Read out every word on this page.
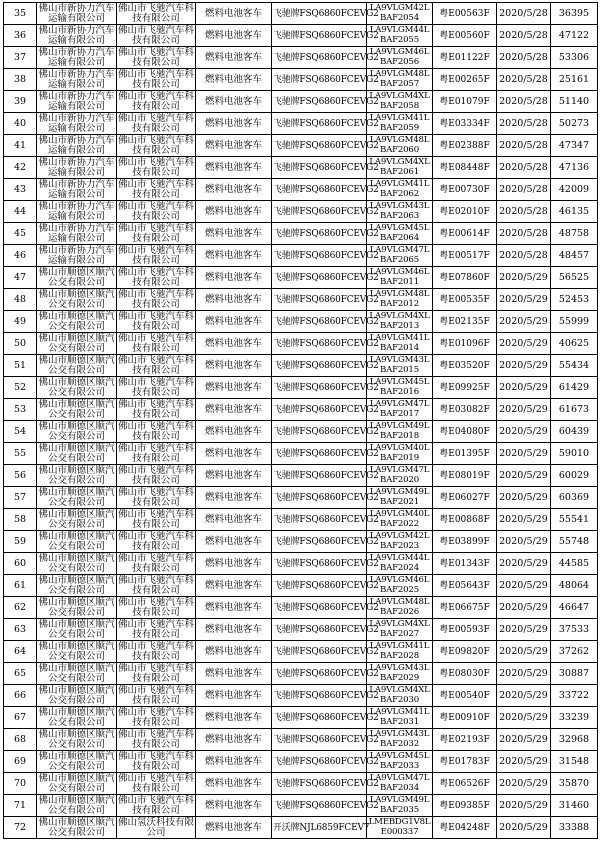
35	佛山市新协力汽车运输有限公司	佛山市飞驰汽车科技有限公司	燃料电池客车	飞驰牌FSQ6860FCEVG2	LA9VLGM42LBAF2054	粤E00563F	2020/5/28	36395
36	佛山市新协力汽车运输有限公司	佛山市飞驰汽车科技有限公司	燃料电池客车	飞驰牌FSQ6860FCEVG2	LA9VLGM44LBAF2055	粤E00560F	2020/5/28	47122
37	佛山市新协力汽车运输有限公司	佛山市飞驰汽车科技有限公司	燃料电池客车	飞驰牌FSQ6860FCEVG2	LA9VLGM46LBAF2056	粤E01122F	2020/5/28	53306
38	佛山市新协力汽车运输有限公司	佛山市飞驰汽车科技有限公司	燃料电池客车	飞驰牌FSQ6860FCEVG2	LA9VLGM48LBAF2057	粤E00265F	2020/5/28	25161
39	佛山市新协力汽车运输有限公司	佛山市飞驰汽车科技有限公司	燃料电池客车	飞驰牌FSQ6860FCEVG2	LA9VLGM4XLBAF2058	粤E01079F	2020/5/28	51140
40	佛山市新协力汽车运输有限公司	佛山市飞驰汽车科技有限公司	燃料电池客车	飞驰牌FSQ6860FCEVG2	LA9VLGM41LBAF2059	粤E03334F	2020/5/28	50273
41	佛山市新协力汽车运输有限公司	佛山市飞驰汽车科技有限公司	燃料电池客车	飞驰牌FSQ6860FCEVG2	LA9VLGM48LBAF2060	粤E02388F	2020/5/28	47347
42	佛山市新协力汽车运输有限公司	佛山市飞驰汽车科技有限公司	燃料电池客车	飞驰牌FSQ6860FCEVG2	LA9VLGM4XLBAF2061	粤E08448F	2020/5/28	47136
43	佛山市新协力汽车运输有限公司	佛山市飞驰汽车科技有限公司	燃料电池客车	飞驰牌FSQ6860FCEVG2	LA9VLGM41LBAF2062	粤E00730F	2020/5/28	42009
44	佛山市新协力汽车运输有限公司	佛山市飞驰汽车科技有限公司	燃料电池客车	飞驰牌FSQ6860FCEVG2	LA9VLGM43LBAF2063	粤E02010F	2020/5/28	46135
45	佛山市新协力汽车运输有限公司	佛山市飞驰汽车科技有限公司	燃料电池客车	飞驰牌FSQ6860FCEVG2	LA9VLGM45LBAF2064	粤E00614F	2020/5/28	48758
46	佛山市新协力汽车运输有限公司	佛山市飞驰汽车科技有限公司	燃料电池客车	飞驰牌FSQ6860FCEVG2	LA9VLGM47LBAF2065	粤E00517F	2020/5/28	48457
47	佛山市顺德区顺汽公交有限公司	佛山市飞驰汽车科技有限公司	燃料电池客车	飞驰牌FSQ6860FCEVG2	LA9VLGM46LBAF2011	粤E07860F	2020/5/29	56525
48	佛山市顺德区顺汽公交有限公司	佛山市飞驰汽车科技有限公司	燃料电池客车	飞驰牌FSQ6860FCEVG2	LA9VLGM48LBAF2012	粤E00535F	2020/5/29	52453
49	佛山市顺德区顺汽公交有限公司	佛山市飞驰汽车科技有限公司	燃料电池客车	飞驰牌FSQ6860FCEVG2	LA9VLGM4XLBAF2013	粤E02135F	2020/5/29	55999
50	佛山市顺德区顺汽公交有限公司	佛山市飞驰汽车科技有限公司	燃料电池客车	飞驰牌FSQ6860FCEVG2	LA9VLGM41LBAF2014	粤E01096F	2020/5/29	40625
51	佛山市顺德区顺汽公交有限公司	佛山市飞驰汽车科技有限公司	燃料电池客车	飞驰牌FSQ6860FCEVG2	LA9VLGM43LBAF2015	粤E03520F	2020/5/29	55434
52	佛山市顺德区顺汽公交有限公司	佛山市飞驰汽车科技有限公司	燃料电池客车	飞驰牌FSQ6860FCEVG2	LA9VLGM45LBAF2016	粤E09925F	2020/5/29	61429
53	佛山市顺德区顺汽公交有限公司	佛山市飞驰汽车科技有限公司	燃料电池客车	飞驰牌FSQ6860FCEVG2	LA9VLGM47LBAF2017	粤E03082F	2020/5/29	61673
54	佛山市顺德区顺汽公交有限公司	佛山市飞驰汽车科技有限公司	燃料电池客车	飞驰牌FSQ6860FCEVG2	LA9VLGM49LBAF2018	粤E04080F	2020/5/29	60439
55	佛山市顺德区顺汽公交有限公司	佛山市飞驰汽车科技有限公司	燃料电池客车	飞驰牌FSQ6860FCEVG2	LA9VLGM40LBAF2019	粤E01395F	2020/5/29	59010
56	佛山市顺德区顺汽公交有限公司	佛山市飞驰汽车科技有限公司	燃料电池客车	飞驰牌FSQ6860FCEVG2	LA9VLGM47LBAF2020	粤E08019F	2020/5/29	60029
57	佛山市顺德区顺汽公交有限公司	佛山市飞驰汽车科技有限公司	燃料电池客车	飞驰牌FSQ6860FCEVG2	LA9VLGM49LBAF2021	粤E06027F	2020/5/29	60369
58	佛山市顺德区顺汽公交有限公司	佛山市飞驰汽车科技有限公司	燃料电池客车	飞驰牌FSQ6860FCEVG2	LA9VLGM40LBAF2022	粤E00868F	2020/5/29	55541
59	佛山市顺德区顺汽公交有限公司	佛山市飞驰汽车科技有限公司	燃料电池客车	飞驰牌FSQ6860FCEVG2	LA9VLGM42LBAF2023	粤E03899F	2020/5/29	55748
60	佛山市顺德区顺汽公交有限公司	佛山市飞驰汽车科技有限公司	燃料电池客车	飞驰牌FSQ6860FCEVG2	LA9VLGM44LBAF2024	粤E01343F	2020/5/29	44585
61	佛山市顺德区顺汽公交有限公司	佛山市飞驰汽车科技有限公司	燃料电池客车	飞驰牌FSQ6860FCEVG2	LA9VLGM46LBAF2025	粤E05643F	2020/5/29	48064
62	佛山市顺德区顺汽公交有限公司	佛山市飞驰汽车科技有限公司	燃料电池客车	飞驰牌FSQ6860FCEVG2	LA9VLGM48LBAF2026	粤E06675F	2020/5/29	46647
63	佛山市顺德区顺汽公交有限公司	佛山市飞驰汽车科技有限公司	燃料电池客车	飞驰牌FSQ6860FCEVG2	LA9VLGM4XLBAF2027	粤E00593F	2020/5/29	37533
64	佛山市顺德区顺汽公交有限公司	佛山市飞驰汽车科技有限公司	燃料电池客车	飞驰牌FSQ6860FCEVG2	LA9VLGM41LBAF2028	粤E09820F	2020/5/29	37262
65	佛山市顺德区顺汽公交有限公司	佛山市飞驰汽车科技有限公司	燃料电池客车	飞驰牌FSQ6860FCEVG2	LA9VLGM43LBAF2029	粤E08030F	2020/5/29	30887
66	佛山市顺德区顺汽公交有限公司	佛山市飞驰汽车科技有限公司	燃料电池客车	飞驰牌FSQ6860FCEVG2	LA9VLGM4XLBAF2030	粤E00540F	2020/5/29	33722
67	佛山市顺德区顺汽公交有限公司	佛山市飞驰汽车科技有限公司	燃料电池客车	飞驰牌FSQ6860FCEVG2	LA9VLGM41LBAF2031	粤E00910F	2020/5/29	33239
68	佛山市顺德区顺汽公交有限公司	佛山市飞驰汽车科技有限公司	燃料电池客车	飞驰牌FSQ6860FCEVG2	LA9VLGM43LBAF2032	粤E02193F	2020/5/29	32968
69	佛山市顺德区顺汽公交有限公司	佛山市飞驰汽车科技有限公司	燃料电池客车	飞驰牌FSQ6860FCEVG2	LA9VLGM45LBAF2033	粤E01783F	2020/5/29	31548
70	佛山市顺德区顺汽公交有限公司	佛山市飞驰汽车科技有限公司	燃料电池客车	飞驰牌FSQ6860FCEVG2	LA9VLGM47LBAF2034	粤E06526F	2020/5/29	35870
71	佛山市顺德区顺汽公交有限公司	佛山市飞驰汽车科技有限公司	燃料电池客车	飞驰牌FSQ6860FCEVG2	LA9VLGM49LBAF2035	粤E09385F	2020/5/29	31460
72	佛山市顺德区顺汽公交有限公司	佛山氢沃科技有限公司	燃料电池客车	开沃牌NJL6859FCEV7	LMEBDG1V8LE000337	粤E04248F	2020/5/29	33388
